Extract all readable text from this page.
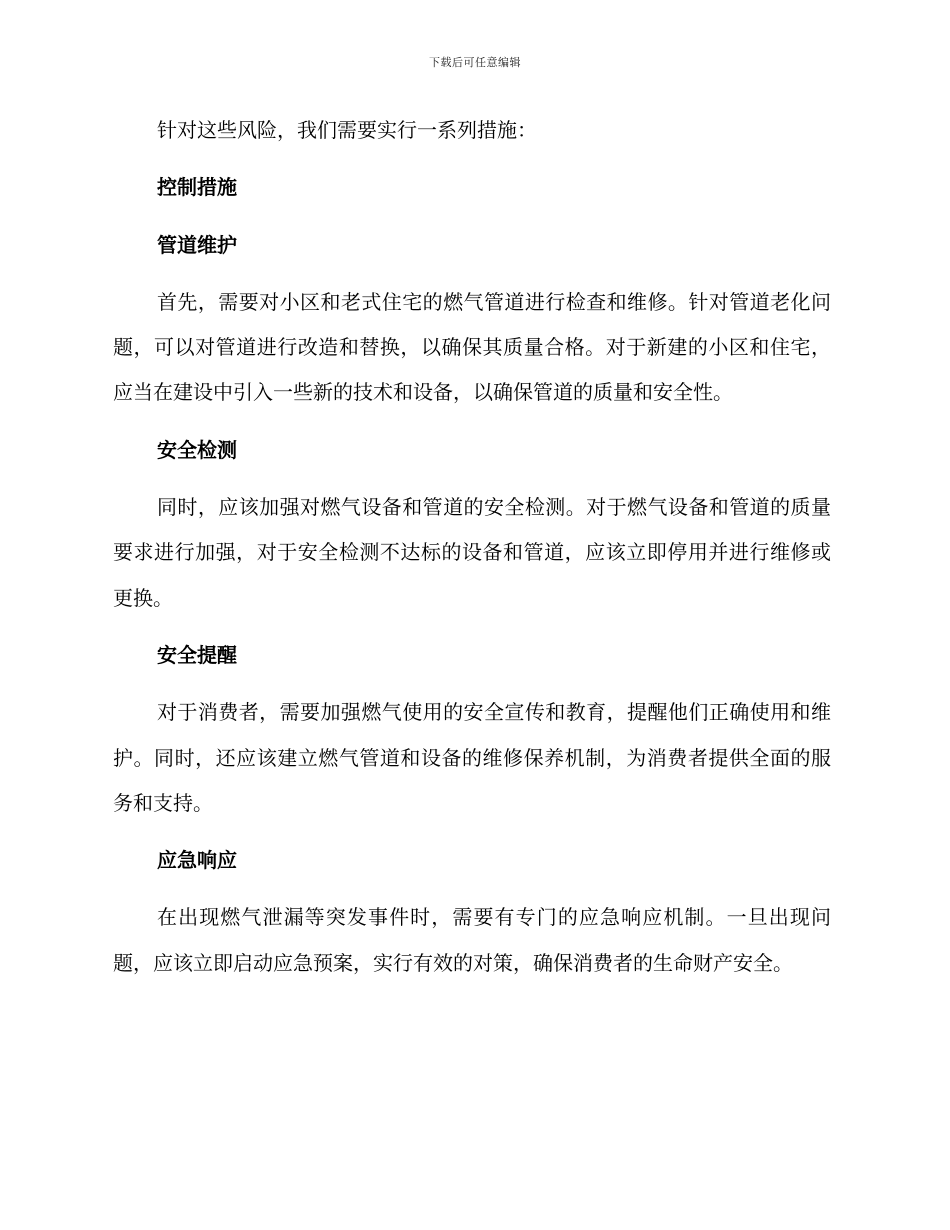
下载后可任意编辑

针对这些风险，我们需要实行一系列措施：

控制措施

管道维护

首先，需要对小区和老式住宅的燃气管道进行检查和维修。针对管道老化问题，可以对管道进行改造和替换，以确保其质量合格。对于新建的小区和住宅，应当在建设中引入一些新的技术和设备，以确保管道的质量和安全性。

安全检测

同时，应该加强对燃气设备和管道的安全检测。对于燃气设备和管道的质量要求进行加强，对于安全检测不达标的设备和管道，应该立即停用并进行维修或更换。

安全提醒

对于消费者，需要加强燃气使用的安全宣传和教育，提醒他们正确使用和维护。同时，还应该建立燃气管道和设备的维修保养机制，为消费者提供全面的服务和支持。

应急响应

在出现燃气泄漏等突发事件时，需要有专门的应急响应机制。一旦出现问题，应该立即启动应急预案，实行有效的对策，确保消费者的生命财产安全。
